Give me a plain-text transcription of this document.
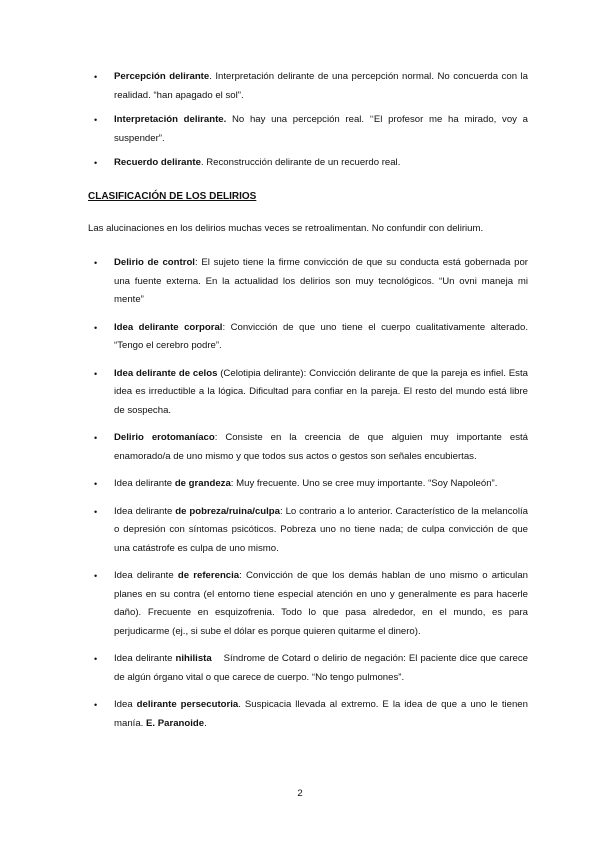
• Percepción delirante. Interpretación delirante de una percepción normal. No concuerda con la realidad. “han apagado el sol”.
• Interpretación delirante. No hay una percepción real. ‘‘El profesor me ha mirado, voy a suspender”.
• Recuerdo delirante. Reconstrucción delirante de un recuerdo real.

CLASIFICACIÓN DE LOS DELIRIOS

Las alucinaciones en los delirios muchas veces se retroalimentan. No confundir con delirium.

• Delirio de control: El sujeto tiene la firme convicción de que su conducta está gobernada por una fuente externa. En la actualidad los delirios son muy tecnológicos. “Un ovni maneja mi mente”
• Idea delirante corporal: Convicción de que uno tiene el cuerpo cualitativamente alterado. “Tengo el cerebro podre”.
• Idea delirante de celos (Celotipia delirante): Convicción delirante de que la pareja es infiel. Esta idea es irreductible a la lógica. Dificultad para confiar en la pareja. El resto del mundo está libre de sospecha.
• Delirio erotomaníaco: Consiste en la creencia de que alguien muy importante está enamorado/a de uno mismo y que todos sus actos o gestos son señales encubiertas.
• Idea delirante de grandeza: Muy frecuente. Uno se cree muy importante. “Soy Napoleón”.
• Idea delirante de pobreza/ruina/culpa: Lo contrario a lo anterior. Característico de la melancolía o depresión con síntomas psicóticos. Pobreza uno no tiene nada; de culpa convicción de que una catástrofe es culpa de uno mismo.
• Idea delirante de referencia: Convicción de que los demás hablan de uno mismo o articulan planes en su contra (el entorno tiene especial atención en uno y generalmente es para hacerle daño). Frecuente en esquizofrenia. Todo lo que pasa alrededor, en el mundo, es para perjudicarme (ej., si sube el dólar es porque quieren quitarme el dinero).
• Idea delirante nihilista    Síndrome de Cotard o delirio de negación: El paciente dice que carece de algún órgano vital o que carece de cuerpo. “No tengo pulmones”.
• Idea delirante persecutoria. Suspicacia llevada al extremo. E la idea de que a uno le tienen manía. E. Paranoide.
2
